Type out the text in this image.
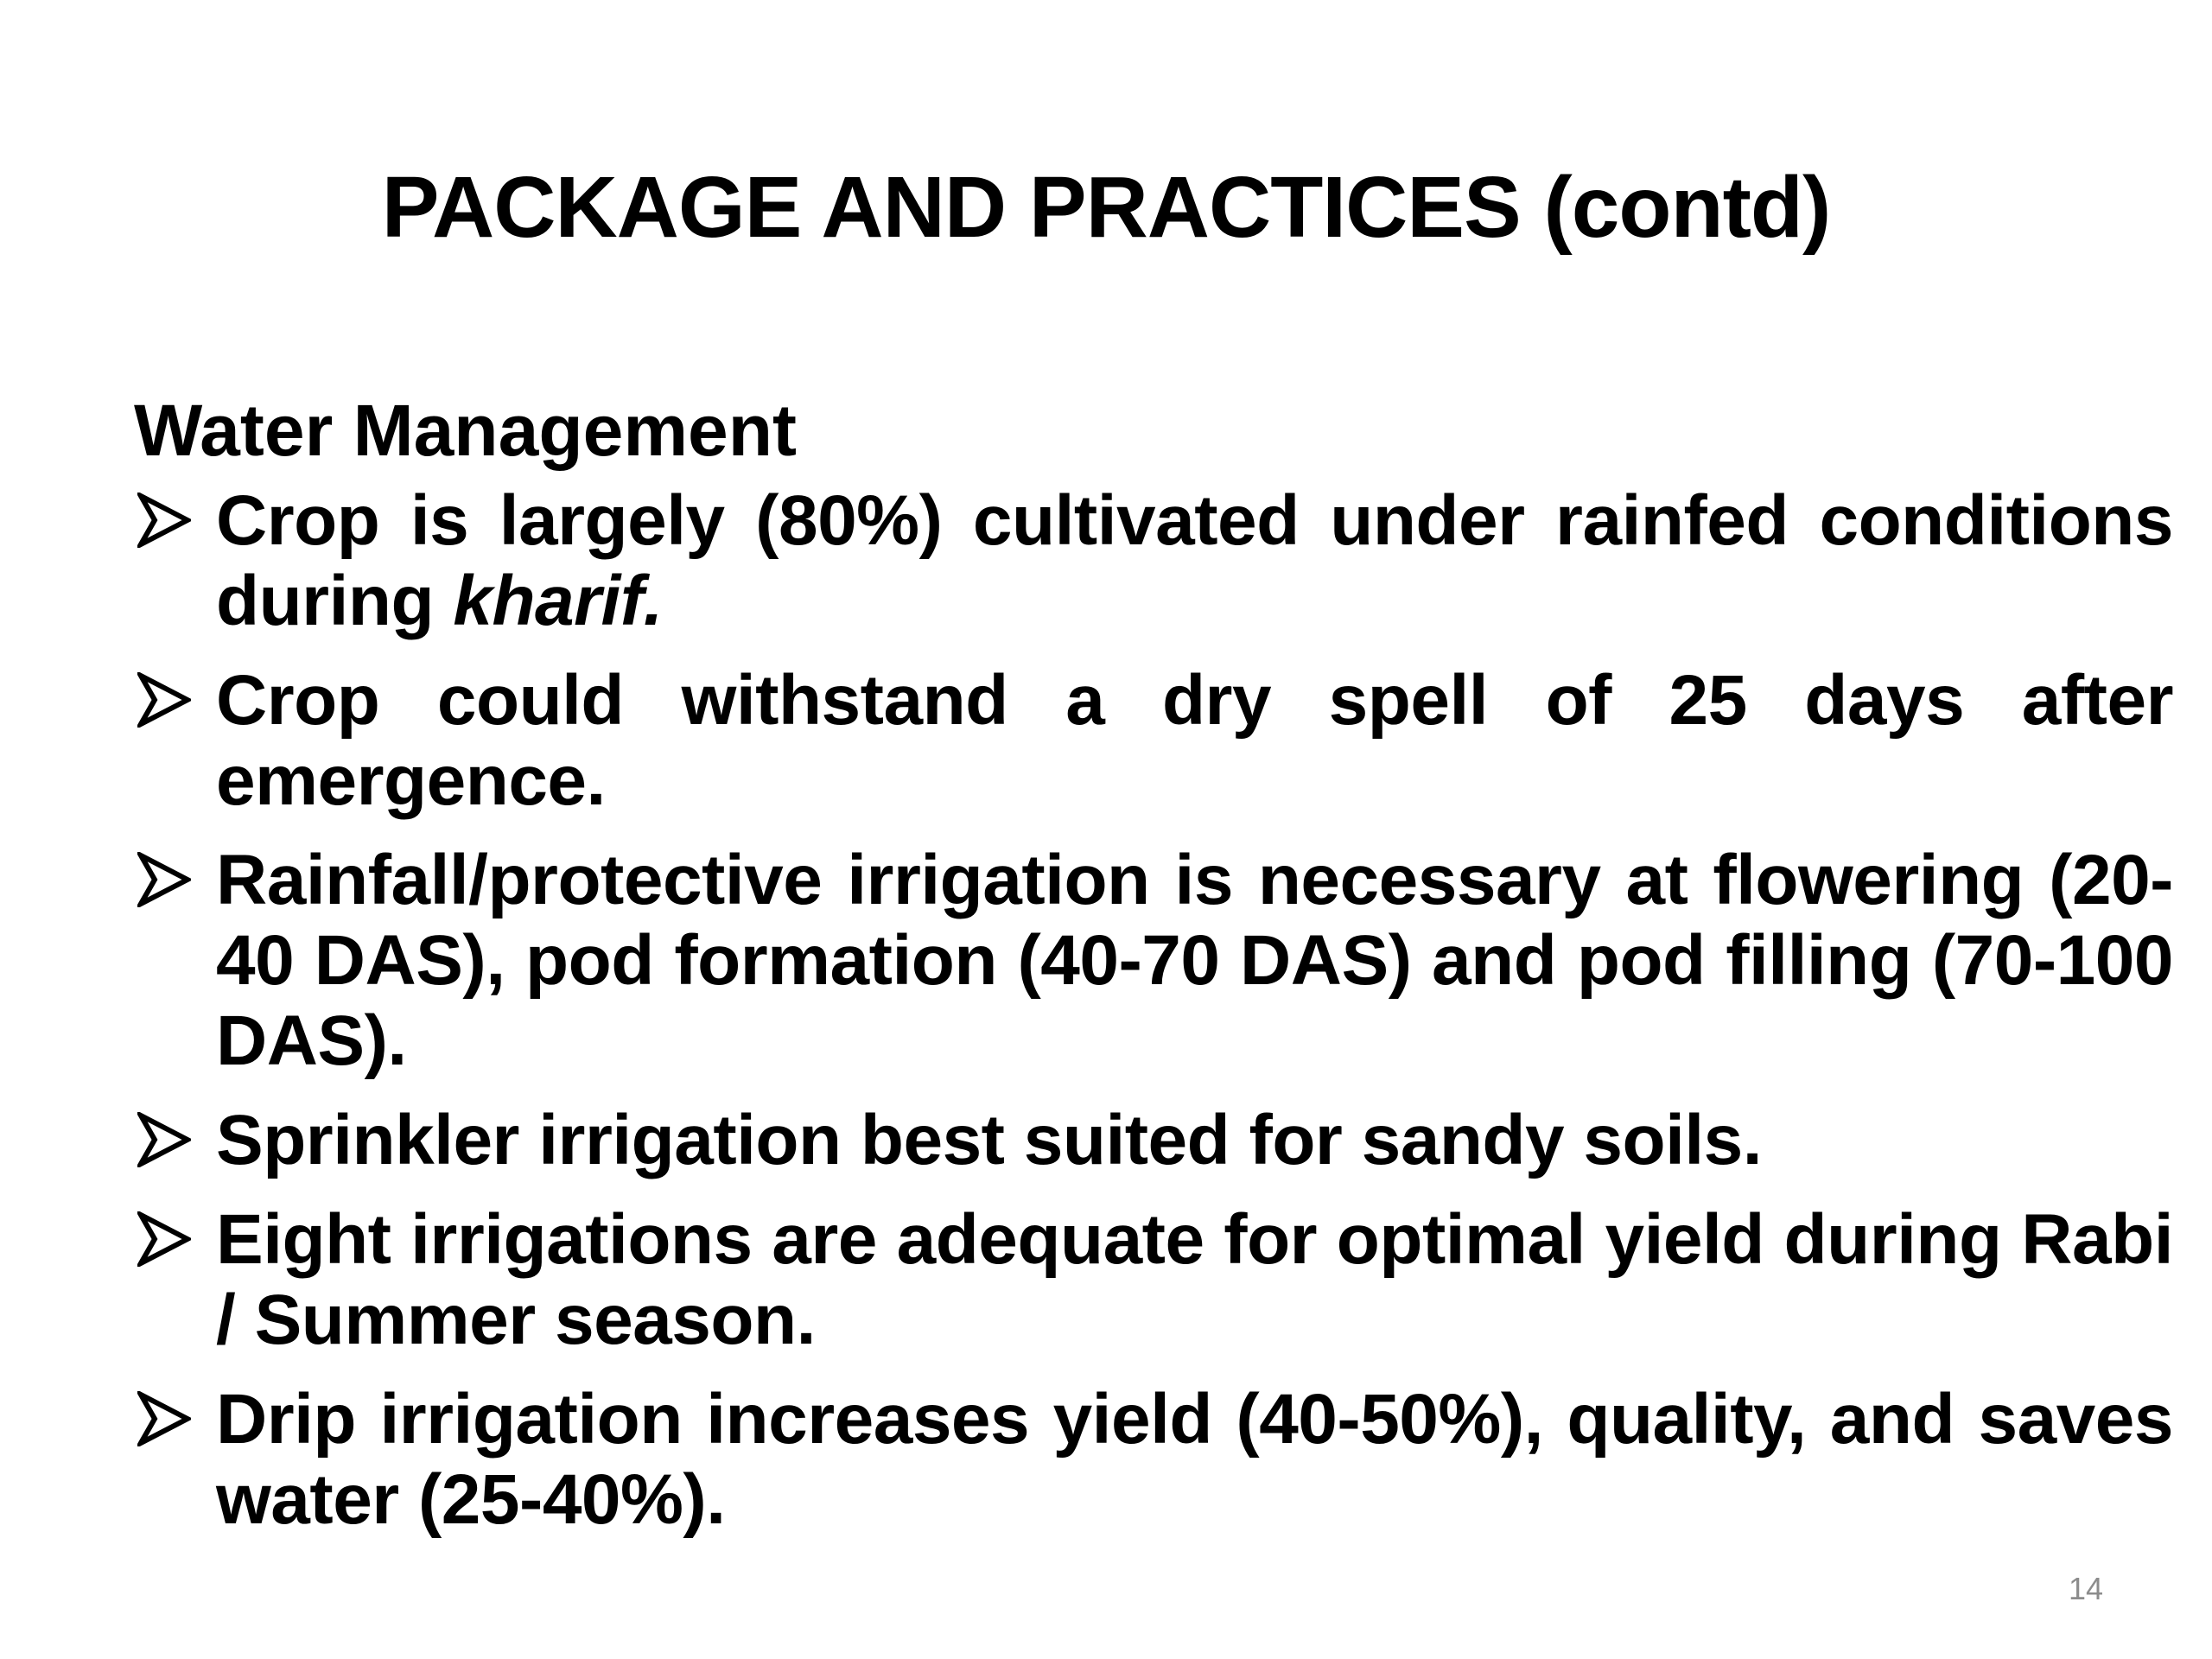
PACKAGE AND PRACTICES (contd)
Water Management
Crop is largely (80%) cultivated under rainfed conditions during kharif.
Crop could withstand a dry spell of 25 days after emergence.
Rainfall/protective irrigation is necessary at flowering (20-40 DAS), pod formation (40-70 DAS) and pod filling (70-100 DAS).
Sprinkler irrigation best suited for sandy soils.
Eight irrigations are adequate for optimal yield during Rabi / Summer season.
Drip irrigation increases yield (40-50%), quality, and saves water (25-40%).
14
